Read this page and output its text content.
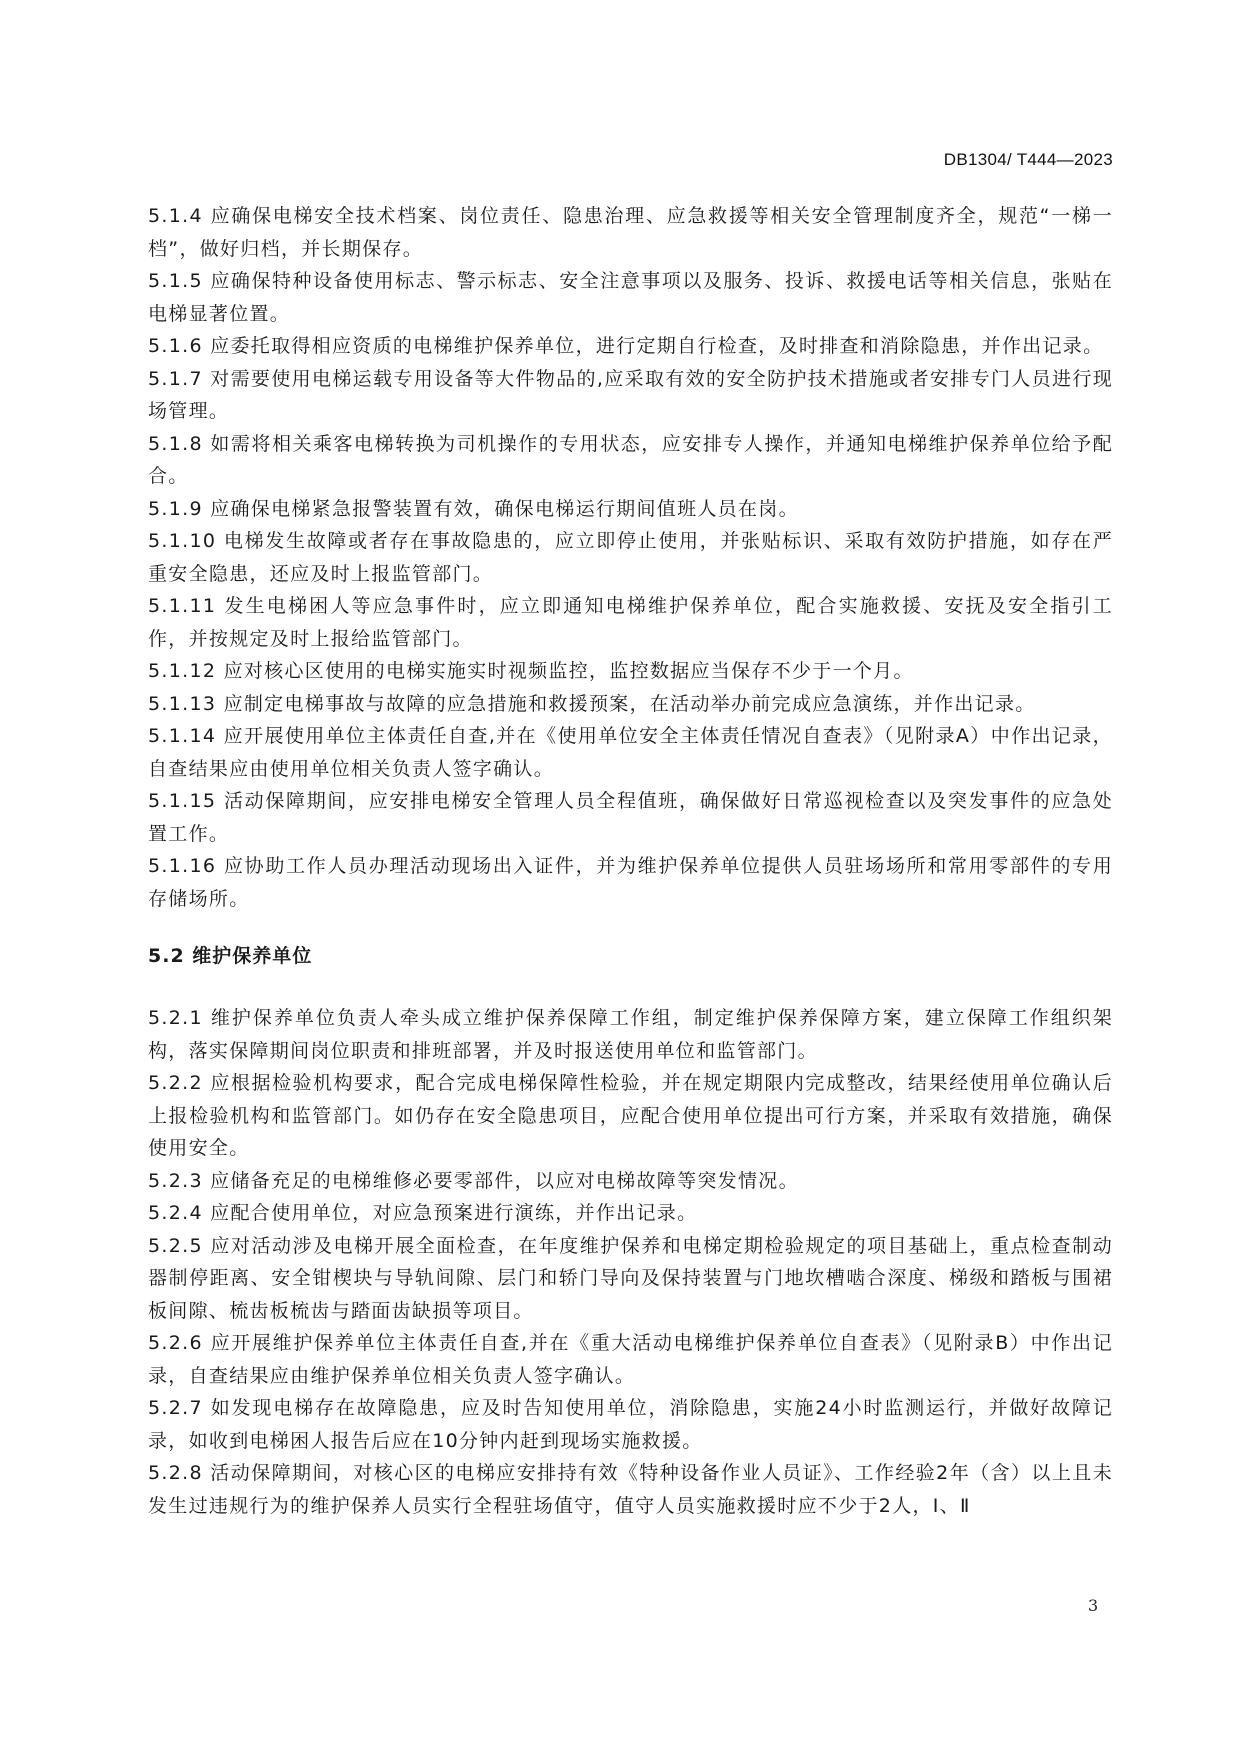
DB1304/ T444—2023

5.1.4 应确保电梯安全技术档案、岗位责任、隐患治理、应急救援等相关安全管理制度齐全，规范“一梯一档”，做好归档，并长期保存。

5.1.5 应确保特种设备使用标志、警示标志、安全注意事项以及服务、投诉、救援电话等相关信息，张贴在电梯显著位置。

5.1.6 应委托取得相应资质的电梯维护保养单位，进行定期自行检查，及时排查和消除隐患，并作出记录。

5.1.7 对需要使用电梯运载专用设备等大件物品的,应采取有效的安全防护技术措施或者安排专门人员进行现场管理。

5.1.8 如需将相关乘客电梯转换为司机操作的专用状态，应安排专人操作，并通知电梯维护保养单位给予配合。

5.1.9 应确保电梯紧急报警装置有效，确保电梯运行期间值班人员在岗。

5.1.10 电梯发生故障或者存在事故隐患的，应立即停止使用，并张贴标识、采取有效防护措施，如存在严重安全隐患，还应及时上报监管部门。

5.1.11 发生电梯困人等应急事件时，应立即通知电梯维护保养单位，配合实施救援、安抚及安全指引工作，并按规定及时上报给监管部门。

5.1.12 应对核心区使用的电梯实施实时视频监控，监控数据应当保存不少于一个月。

5.1.13 应制定电梯事故与故障的应急措施和救援预案，在活动举办前完成应急演练，并作出记录。

5.1.14 应开展使用单位主体责任自查,并在《使用单位安全主体责任情况自查表》（见附录A）中作出记录，自查结果应由使用单位相关负责人签字确认。

5.1.15 活动保障期间，应安排电梯安全管理人员全程值班，确保做好日常巡视检查以及突发事件的应急处置工作。

5.1.16 应协助工作人员办理活动现场出入证件，并为维护保养单位提供人员驻场场所和常用零部件的专用存储场所。

5.2 维护保养单位

5.2.1 维护保养单位负责人牵头成立维护保养保障工作组，制定维护保养保障方案，建立保障工作组织架构，落实保障期间岗位职责和排班部署，并及时报送使用单位和监管部门。

5.2.2 应根据检验机构要求，配合完成电梯保障性检验，并在规定期限内完成整改，结果经使用单位确认后上报检验机构和监管部门。如仍存在安全隐患项目，应配合使用单位提出可行方案，并采取有效措施，确保使用安全。

5.2.3 应储备充足的电梯维修必要零部件，以应对电梯故障等突发情况。

5.2.4 应配合使用单位，对应急预案进行演练，并作出记录。

5.2.5 应对活动涉及电梯开展全面检查，在年度维护保养和电梯定期检验规定的项目基础上，重点检查制动器制停距离、安全钳楔块与导轨间隙、层门和轿门导向及保持装置与门地坎槽啮合深度、梯级和踏板与围裙板间隙、梳齿板梳齿与踏面齿缺损等项目。

5.2.6 应开展维护保养单位主体责任自查,并在《重大活动电梯维护保养单位自查表》（见附录B）中作出记录，自查结果应由维护保养单位相关负责人签字确认。

5.2.7 如发现电梯存在故障隐患，应及时告知使用单位，消除隐患，实施24小时监测运行，并做好故障记录，如收到电梯困人报告后应在10分钟内赶到现场实施救援。

5.2.8 活动保障期间，对核心区的电梯应安排持有效《特种设备作业人员证》、工作经验2年（含）以上且未发生过违规行为的维护保养人员实行全程驻场值守，值守人员实施救援时应不少于2人，Ⅰ、Ⅱ

3
